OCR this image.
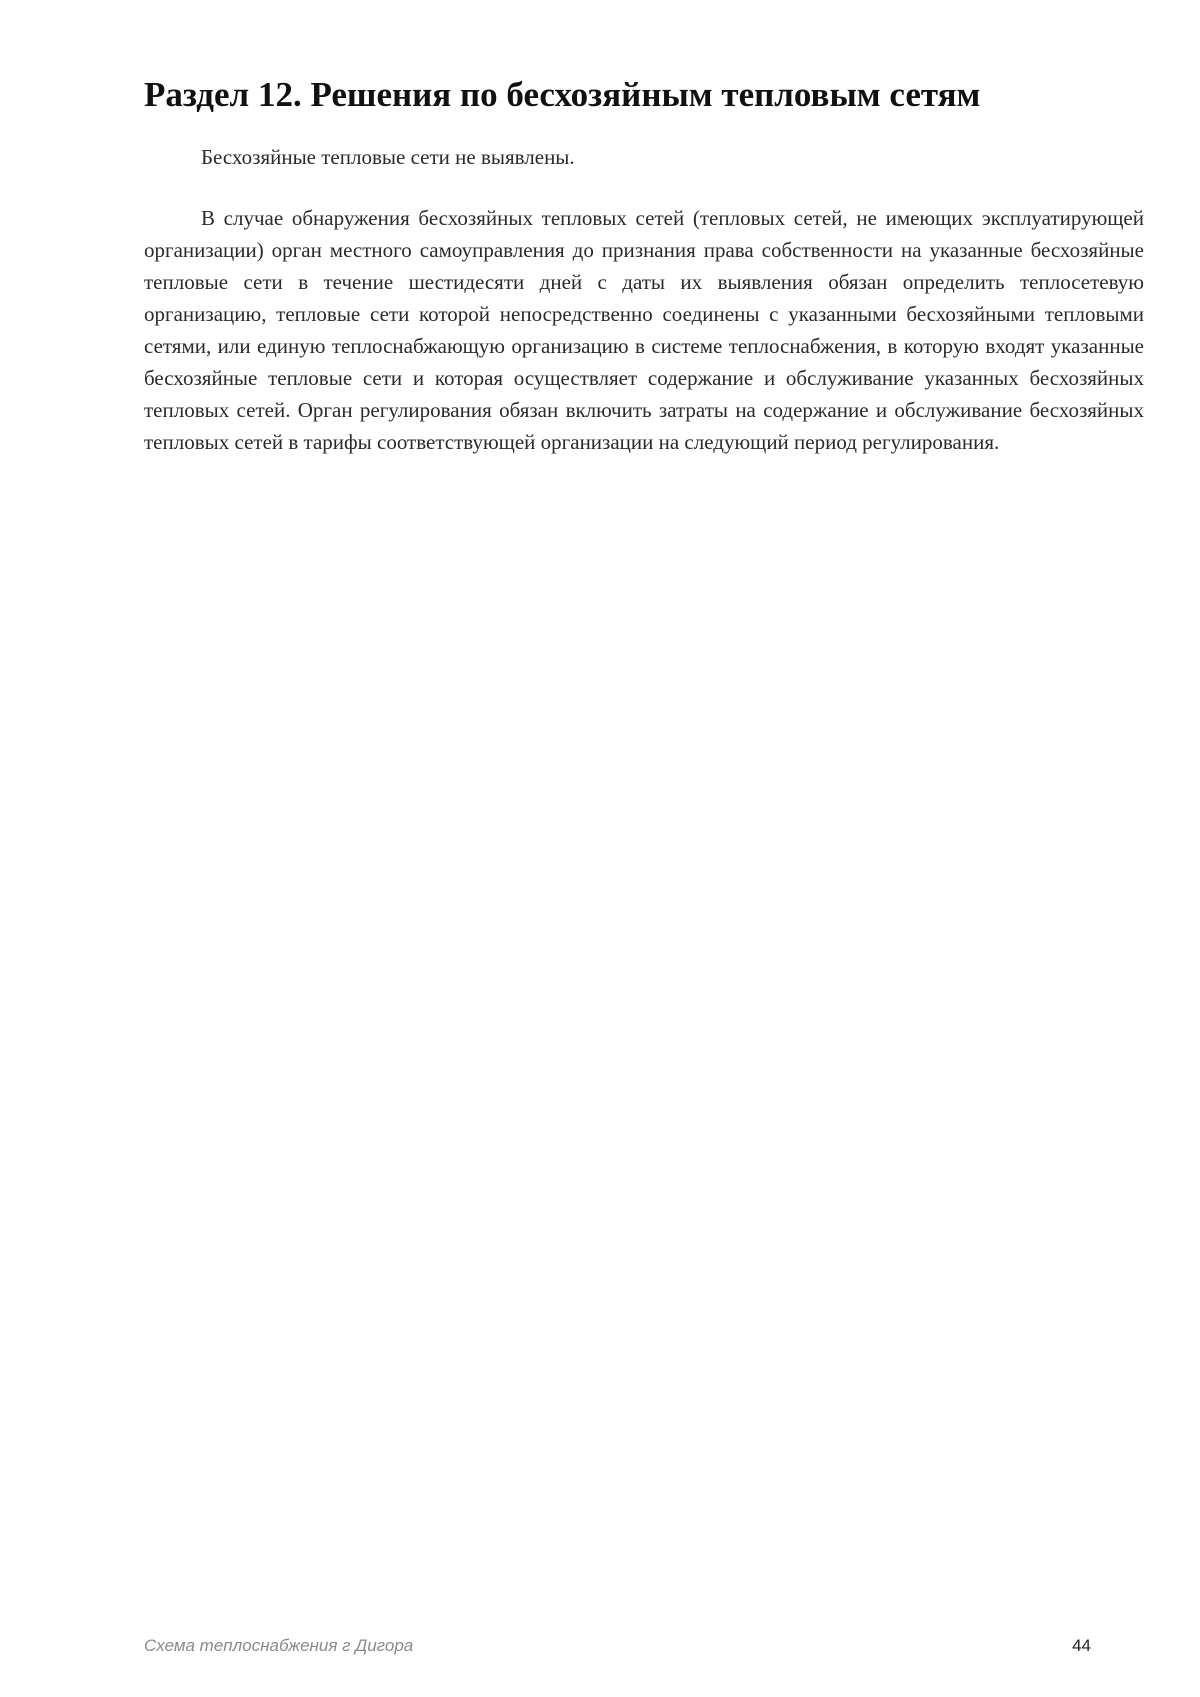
Раздел 12. Решения по бесхозяйным тепловым сетям

Бесхозяйные тепловые сети не выявлены.

В случае обнаружения бесхозяйных тепловых сетей (тепловых сетей, не имеющих эксплуатирующей организации) орган местного самоуправления до признания права собственности на указанные бесхозяйные тепловые сети в течение шестидесяти дней с даты их выявления обязан определить теплосетевую организацию, тепловые сети которой непосредственно соединены с указанными бесхозяйными тепловыми сетями, или единую теплоснабжающую организацию в системе теплоснабжения, в которую входят указанные бесхозяйные тепловые сети и которая осуществляет содержание и обслуживание указанных бесхозяйных тепловых сетей. Орган регулирования обязан включить затраты на содержание и обслуживание бесхозяйных тепловых сетей в тарифы соответствующей организации на следующий период регулирования.

Схема теплоснабжения г Дигора	44
